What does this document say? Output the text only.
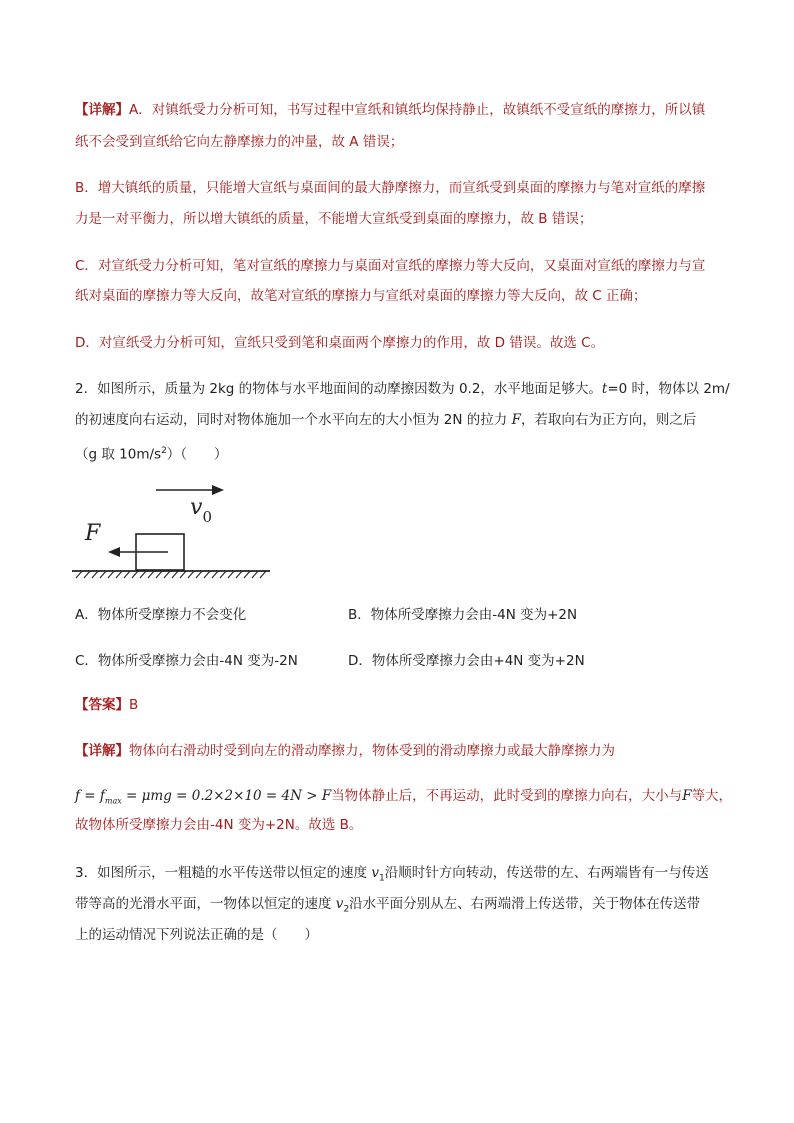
【详解】A．对镇纸受力分析可知，书写过程中宣纸和镇纸均保持静止，故镇纸不受宣纸的摩擦力，所以镇
纸不会受到宣纸给它向左静摩擦力的冲量，故 A 错误；
B．增大镇纸的质量，只能增大宣纸与桌面间的最大静摩擦力，而宣纸受到桌面的摩擦力与笔对宣纸的摩擦
力是一对平衡力，所以增大镇纸的质量，不能增大宣纸受到桌面的摩擦力，故 B 错误；
C．对宣纸受力分析可知，笔对宣纸的摩擦力与桌面对宣纸的摩擦力等大反向，又桌面对宣纸的摩擦力与宣
纸对桌面的摩擦力等大反向，故笔对宣纸的摩擦力与宣纸对桌面的摩擦力等大反向，故 C 正确；
D．对宣纸受力分析可知，宣纸只受到笔和桌面两个摩擦力的作用，故 D 错误。故选 C。
2．如图所示，质量为 2kg 的物体与水平地面间的动摩擦因数为 0.2，水平地面足够大。t=0 时，物体以 2m/
的初速度向右运动，同时对物体施加一个水平向左的大小恒为 2N 的拉力 F，若取向右为正方向，则之后
（g 取 $10m/s^2$）（　　）
$v_0$
F
A．物体所受摩擦力不会变化	B．物体所受摩擦力会由-4N 变为+2N
C．物体所受摩擦力会由-4N 变为-2N	D．物体所受摩擦力会由+4N 变为+2N
【答案】B
【详解】物体向右滑动时受到向左的滑动摩擦力，物体受到的滑动摩擦力或最大静摩擦力为
$f = f_{max} = \mu mg = 0.2\times 2\times 10 = 4N > F$当物体静止后，不再运动，此时受到的摩擦力向右，大小与F等大，
故物体所受摩擦力会由-4N 变为+2N。故选 B。
3．如图所示，一粗糙的水平传送带以恒定的速度 $v_1$沿顺时针方向转动，传送带的左、右两端皆有一与传送
带等高的光滑水平面，一物体以恒定的速度 $v_2$沿水平面分别从左、右两端滑上传送带，关于物体在传送带
上的运动情况下列说法正确的是（　　）
